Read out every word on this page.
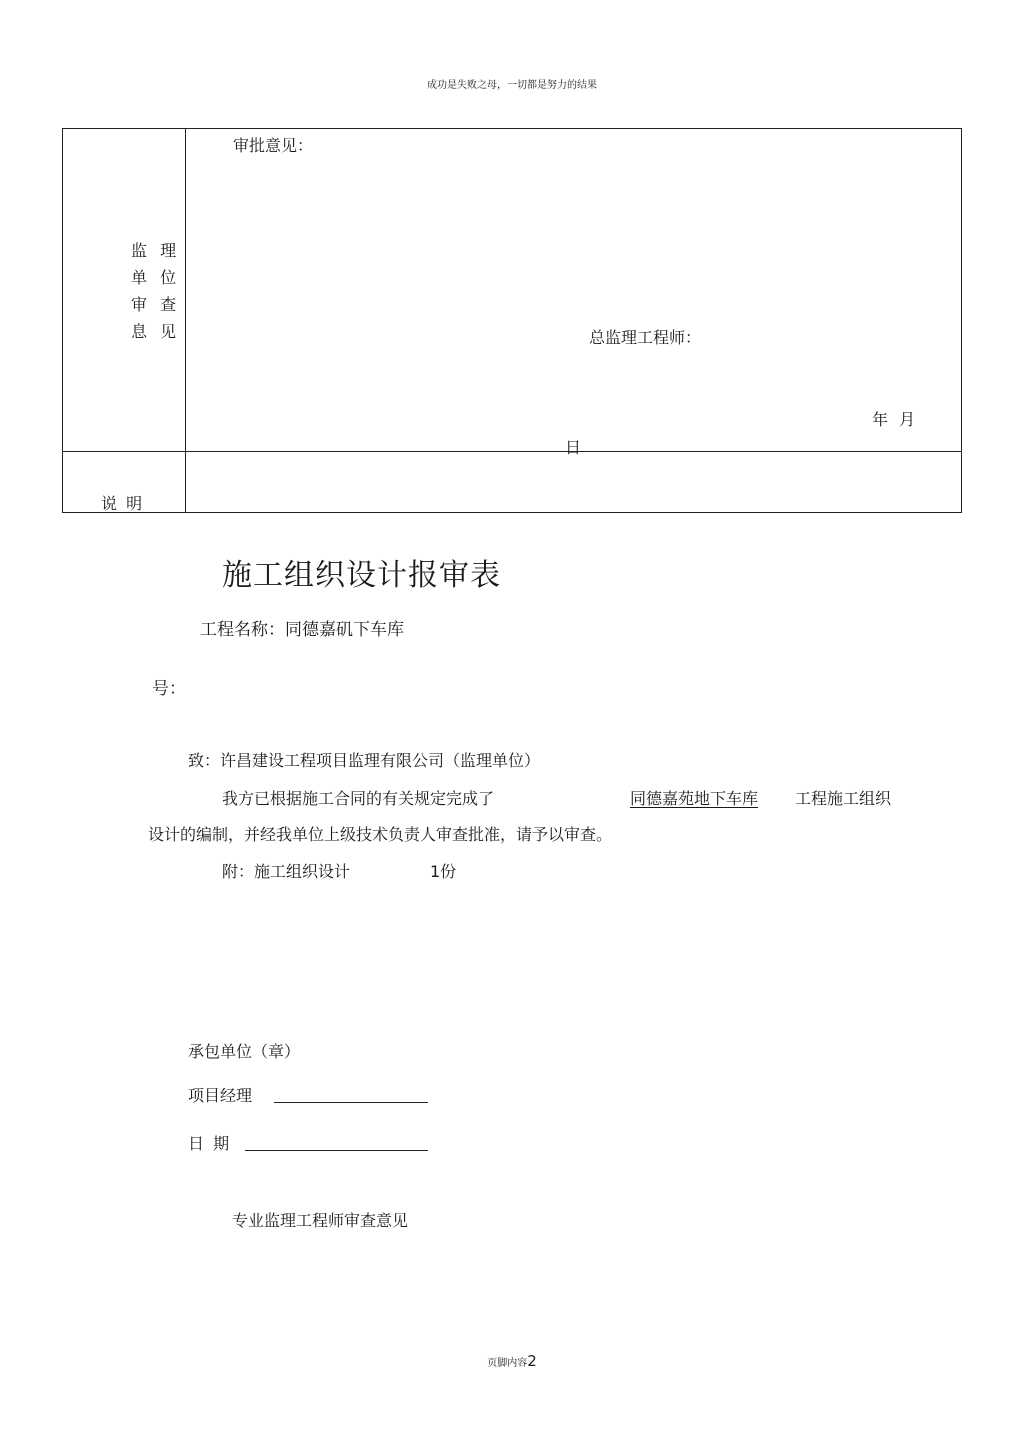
成功是失败之母，一切都是努力的结果
监 理
单 位
审 查
息 见
审批意见：
总监理工程师：
年 月
日
说 明
施工组织设计报审表
工程名称：同德嘉矶下车库
号：
致：许昌建设工程项目监理有限公司（监理单位）
我方已根据施工合同的有关规定完成了	同德嘉苑地下车库 工程施工组织
设计的编制，并经我单位上级技术负责人审查批准，请予以审查。
附：施工组织设计	1份
承包单位（章）
项目经理
日 期
专业监理工程师审查意见
页脚内容2
